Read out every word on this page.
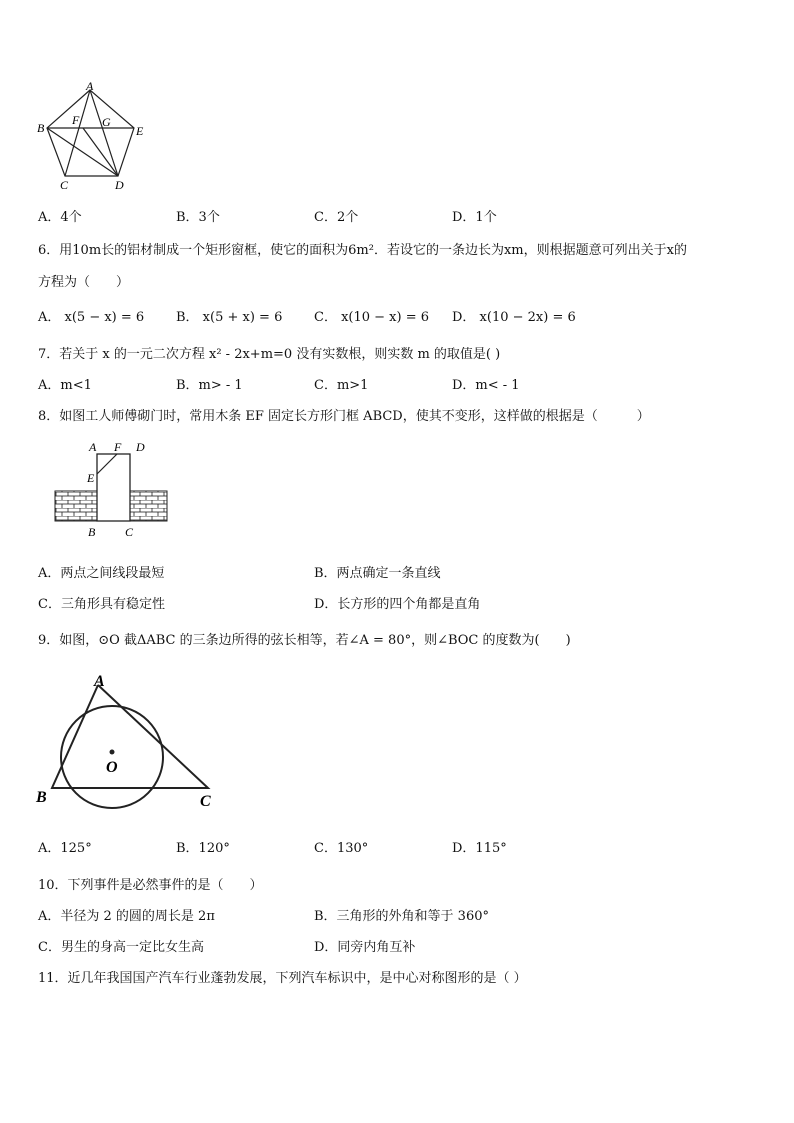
A
B
F G
E
C	D
A．4个	B．3个	C．2个	D．1个
6．用10m长的铝材制成一个矩形窗框，使它的面积为6m²．若设它的一条边长为xm，则根据题意可列出关于x的
方程为（　　）
A． x(5 − x) = 6 B． x(5 + x) = 6 C． x(10 − x) = 6 D． x(10 − 2x) = 6
7．若关于 x 的一元二次方程 x² - 2x+m=0 没有实数根，则实数 m 的取值是( )
A．m<1	B．m> - 1	C．m>1	D．m< - 1
8．如图工人师傅砌门时，常用木条 EF 固定长方形门框 ABCD，使其不变形，这样做的根据是（　　　）
A F D
E
B C
A．两点之间线段最短	B．两点确定一条直线
C．三角形具有稳定性	D．长方形的四个角都是直角
9．如图，⊙O 截ΔABC 的三条边所得的弦长相等，若∠A = 80°，则∠BOC 的度数为(　　)
A
O
B	C
A．125°	B．120°	C．130°	D．115°
10．下列事件是必然事件的是（　　）
A．半径为 2 的圆的周长是 2π	B．三角形的外角和等于 360°
C．男生的身高一定比女生高	D．同旁内角互补
11．近几年我国国产汽车行业蓬勃发展，下列汽车标识中，是中心对称图形的是（ ）
